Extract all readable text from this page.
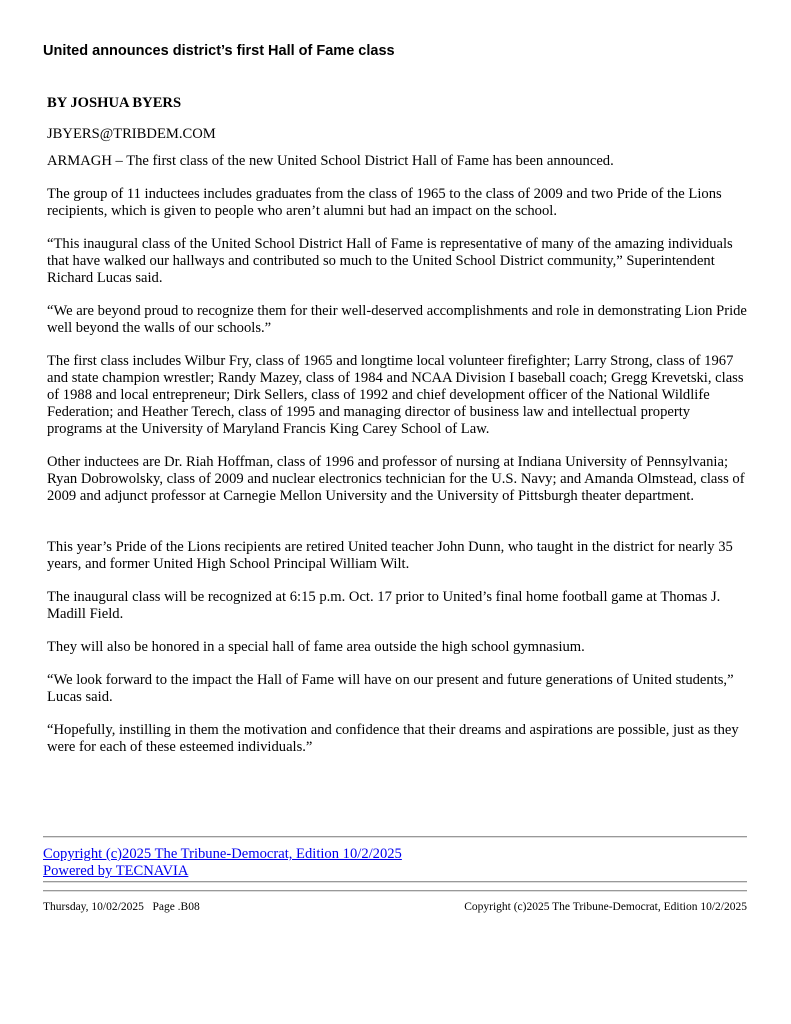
United announces district’s first Hall of Fame class
BY JOSHUA BYERS
JBYERS@TRIBDEM.COM

ARMAGH – The first class of the new United School District Hall of Fame has been announced.

The group of 11 inductees includes graduates from the class of 1965 to the class of 2009 and two Pride of the Lions recipients, which is given to people who aren’t alumni but had an impact on the school.

“This inaugural class of the United School District Hall of Fame is representative of many of the amazing individuals that have walked our hallways and contributed so much to the United School District community,” Superintendent Richard Lucas said.

“We are beyond proud to recognize them for their well-deserved accomplishments and role in demonstrating Lion Pride well beyond the walls of our schools.”

The first class includes Wilbur Fry, class of 1965 and longtime local volunteer firefighter; Larry Strong, class of 1967 and state champion wrestler; Randy Mazey, class of 1984 and NCAA Division I baseball coach; Gregg Krevetski, class of 1988 and local entrepreneur; Dirk Sellers, class of 1992 and chief development officer of the National Wildlife Federation; and Heather Terech, class of 1995 and managing director of business law and intellectual property programs at the University of Maryland Francis King Carey School of Law.

Other inductees are Dr. Riah Hoffman, class of 1996 and professor of nursing at Indiana University of Pennsylvania; Ryan Dobrowolsky, class of 2009 and nuclear electronics technician for the U.S. Navy; and Amanda Olmstead, class of 2009 and adjunct professor at Carnegie Mellon University and the University of Pittsburgh theater department.

This year’s Pride of the Lions recipients are retired United teacher John Dunn, who taught in the district for nearly 35 years, and former United High School Principal William Wilt.

The inaugural class will be recognized at 6:15 p.m. Oct. 17 prior to United’s final home football game at Thomas J. Madill Field.

They will also be honored in a special hall of fame area outside the high school gymnasium.

“We look forward to the impact the Hall of Fame will have on our present and future generations of United students,” Lucas said.

“Hopefully, instilling in them the motivation and confidence that their dreams and aspirations are possible, just as they were for each of these esteemed individuals.”

Copyright (c)2025 The Tribune-Democrat, Edition 10/2/2025
Powered by TECNAVIA
Thursday, 10/02/2025   Page .B08	Copyright (c)2025 The Tribune-Democrat, Edition 10/2/2025
